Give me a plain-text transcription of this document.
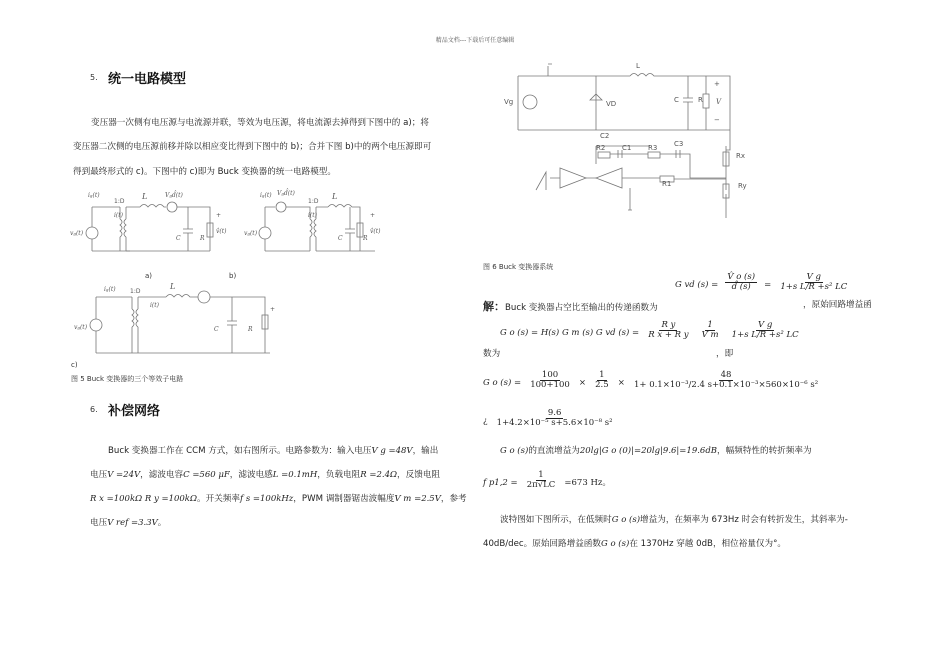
精品文档---下载后可任意编辑
5. 统一电路模型
变压器一次侧有电压源与电流源并联，等效为电压源，将电流源去掉得到下图中的 a)；将
变压器二次侧的电压源前移并除以相应变比得到下图中的 b)；合并下图 b)中的两个电压源即可
得到最终形式的 c)。下图中的 c)即为 Buck 变换器的统一电路模型。
ig(t)
vg(t)
1:D
i(t)
L	Vgd̂(t)
C	R
+
v̂(t)
ig(t) Vgd̂(t)
vg(t)
1:D
i(t)
L
C	R
+
v̂(t)
ig(t)
vg(t)
1:D
i(t)
L
C	R
+
a)	b)
c)
图 5 Buck 变换器的三个等效子电路
6. 补偿网络
Buck 变换器工作在 CCM 方式，如右图所示。电路参数为：输入电压V g =48V，输出
电压V =24V，滤波电容C =560 μF，滤波电感L =0.1mH，负载电阻R =2.4Ω，反馈电阻
R x =100kΩ R y =100kΩ。开关频率f s =100kHz，PWM 调制器锯齿波幅度V m =2.5V，参考
电压V ref =3.3V。
L
Vg	VD	C	R V
+
−
C2
R2 C1 R3 C3
R1
Rx
Ry
图 6 Buck 变换器系统
G vd $(s) = \frac{V̂ o (s)}{d̂ (s)} = \frac{\text{V g}}{\text{1+s L/R +s² LC}}$
解：Buck 变换器占空比至输出的传递函数为	，原始回路增益函
G o (s) = H(s) G m (s) G vd $(s) = \frac{\text{R y}}{\text{R x + R y}}$
$\frac{1}{\text{V m}}$
$\frac{\text{V g}}{\text{1+s L/R +s² LC}}$
数为	，即
G o $(s) = \frac{100}{100+100} \times \frac{1}{2.5} \times \frac{48}{\text{1+ 0.1×10⁻³/2.4 s+0.1×10⁻³×560×10⁻⁶ s²}}$
¿ $\frac{9.6}{\text{1+4.2×10⁻⁵ s+5.6×10⁻⁸ s²}}$
G o (s)的直流增益为20lg|G o (0)|=20lg|9.6|=19.6dB，幅频特性的转折频率为
f $p1,2 = \frac{1}{2\pi√LC} =673$ Hz。
波特图如下图所示，在低频时G o (s)增益为，在频率为 673Hz 时会有转折发生，其斜率为-
40dB/dec。原始回路增益函数G o (s)在 1370Hz 穿越 0dB，相位裕量仅为°。
